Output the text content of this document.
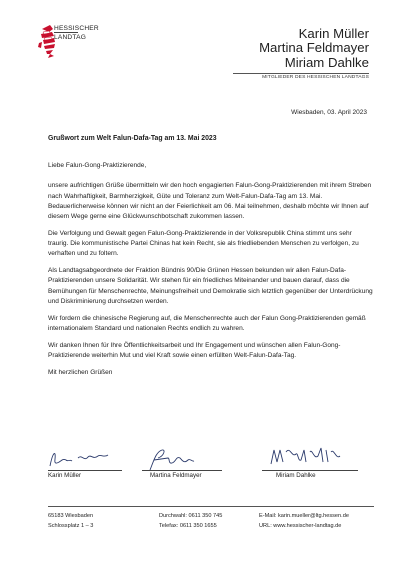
HESSISCHER
LANDTAG	Karin Müller
Martina Feldmayer
Miriam Dahlke
MITGLIEDER DES HESSISCHEN LANDTAGS
Wiesbaden, 03. April 2023
Grußwort zum Welt Falun-Dafa-Tag am 13. Mai 2023

Liebe Falun-Gong-Praktizierende,

unsere aufrichtigen Grüße übermitteln wir den hoch engagierten Falun-Gong-Praktizierenden mit ihrem Streben nach Wahrhaftigkeit, Barmherzigkeit, Güte und Toleranz zum Welt-Falun-Dafa-Tag am 13. Mai. Bedauerlicherweise können wir nicht an der Feierlichkeit am 06. Mai teilnehmen, deshalb möchte wir Ihnen auf diesem Wege gerne eine Glückwunschbotschaft zukommen lassen.

Die Verfolgung und Gewalt gegen Falun-Gong-Praktizierende in der Volksrepublik China stimmt uns sehr traurig. Die kommunistische Partei Chinas hat kein Recht, sie als friedliebenden Menschen zu verfolgen, zu verhaften und zu foltern.

Als Landtagsabgeordnete der Fraktion Bündnis 90/Die Grünen Hessen bekunden wir allen Falun-Dafa-Praktizierenden unsere Solidarität. Wir stehen für ein friedliches Miteinander und bauen darauf, dass die Bemühungen für Menschenrechte, Meinungsfreiheit und Demokratie sich letztlich gegenüber der Unterdrückung und Diskriminierung durchsetzen werden.

Wir fordern die chinesische Regierung auf, die Menschenrechte auch der Falun Gong-Praktizierenden gemäß internationalem Standard und nationalen Rechts endlich zu wahren.

Wir danken Ihnen für Ihre Öffentlichkeitsarbeit und Ihr Engagement und wünschen allen Falun-Gong-Praktizierende weiterhin Mut und viel Kraft sowie einen erfüllten Welt-Falun-Dafa-Tag.

Mit herzlichen Grüßen

Karin Müller	Martina Feldmayer	Miriam Dahlke
65183 Wiesbaden
Schlossplatz 1 – 3
Durchwahl: 0611 350 745
Telefax: 0611 350 1655
E-Mail: karin.mueller@ltg.hessen.de
URL: www.hessischer-landtag.de
